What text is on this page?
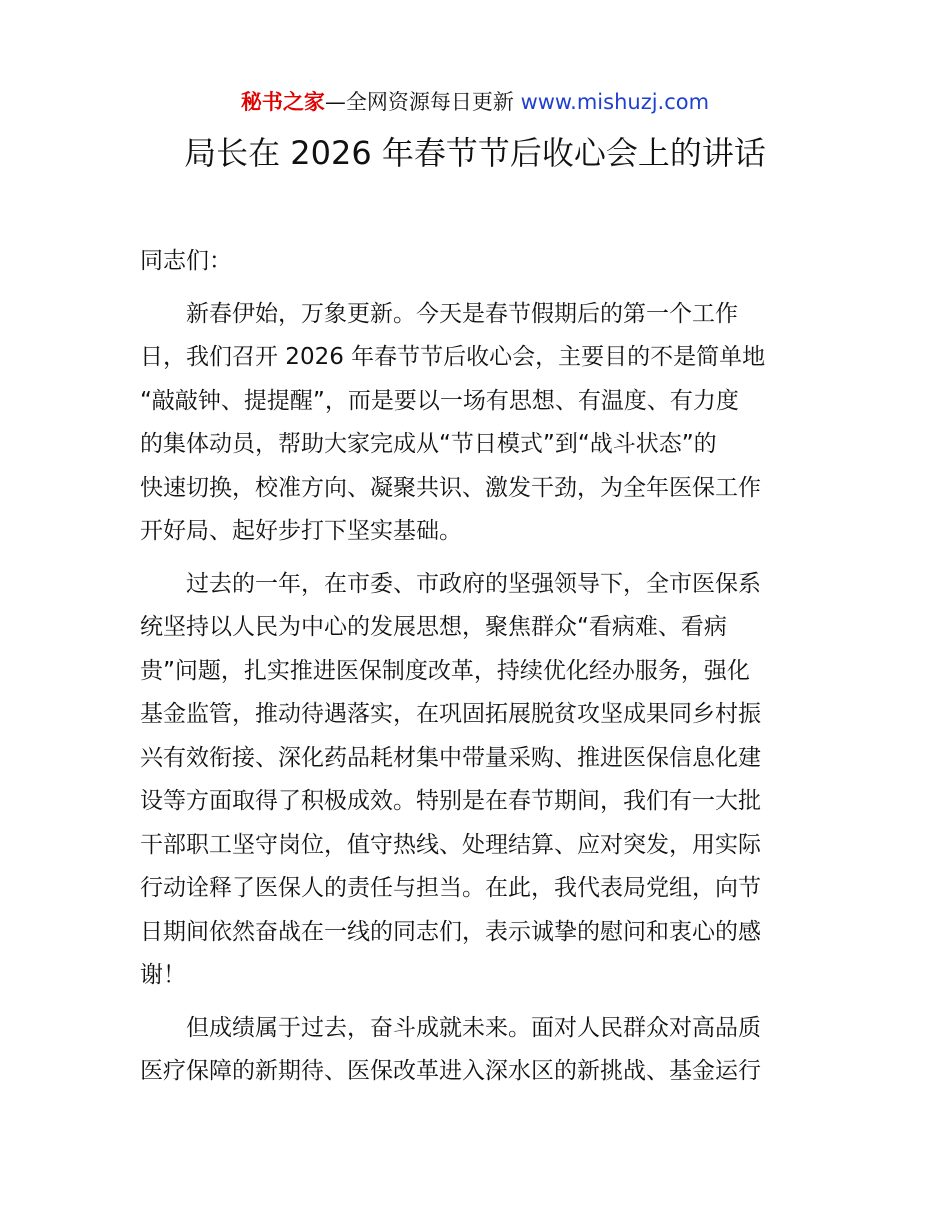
秘书之家—全网资源每日更新 www.mishuzj.com
局长在 2026 年春节节后收心会上的讲话

同志们：

新春伊始，万象更新。今天是春节假期后的第一个工作
日，我们召开 2026 年春节节后收心会，主要目的不是简单地
“敲敲钟、提提醒”，而是要以一场有思想、有温度、有力度
的集体动员，帮助大家完成从“节日模式”到“战斗状态”的
快速切换，校准方向、凝聚共识、激发干劲，为全年医保工作
开好局、起好步打下坚实基础。

过去的一年，在市委、市政府的坚强领导下，全市医保系
统坚持以人民为中心的发展思想，聚焦群众“看病难、看病
贵”问题，扎实推进医保制度改革，持续优化经办服务，强化
基金监管，推动待遇落实，在巩固拓展脱贫攻坚成果同乡村振
兴有效衔接、深化药品耗材集中带量采购、推进医保信息化建
设等方面取得了积极成效。特别是在春节期间，我们有一大批
干部职工坚守岗位，值守热线、处理结算、应对突发，用实际
行动诠释了医保人的责任与担当。在此，我代表局党组，向节
日期间依然奋战在一线的同志们，表示诚挚的慰问和衷心的感
谢！

但成绩属于过去，奋斗成就未来。面对人民群众对高品质
医疗保障的新期待、医保改革进入深水区的新挑战、基金运行
